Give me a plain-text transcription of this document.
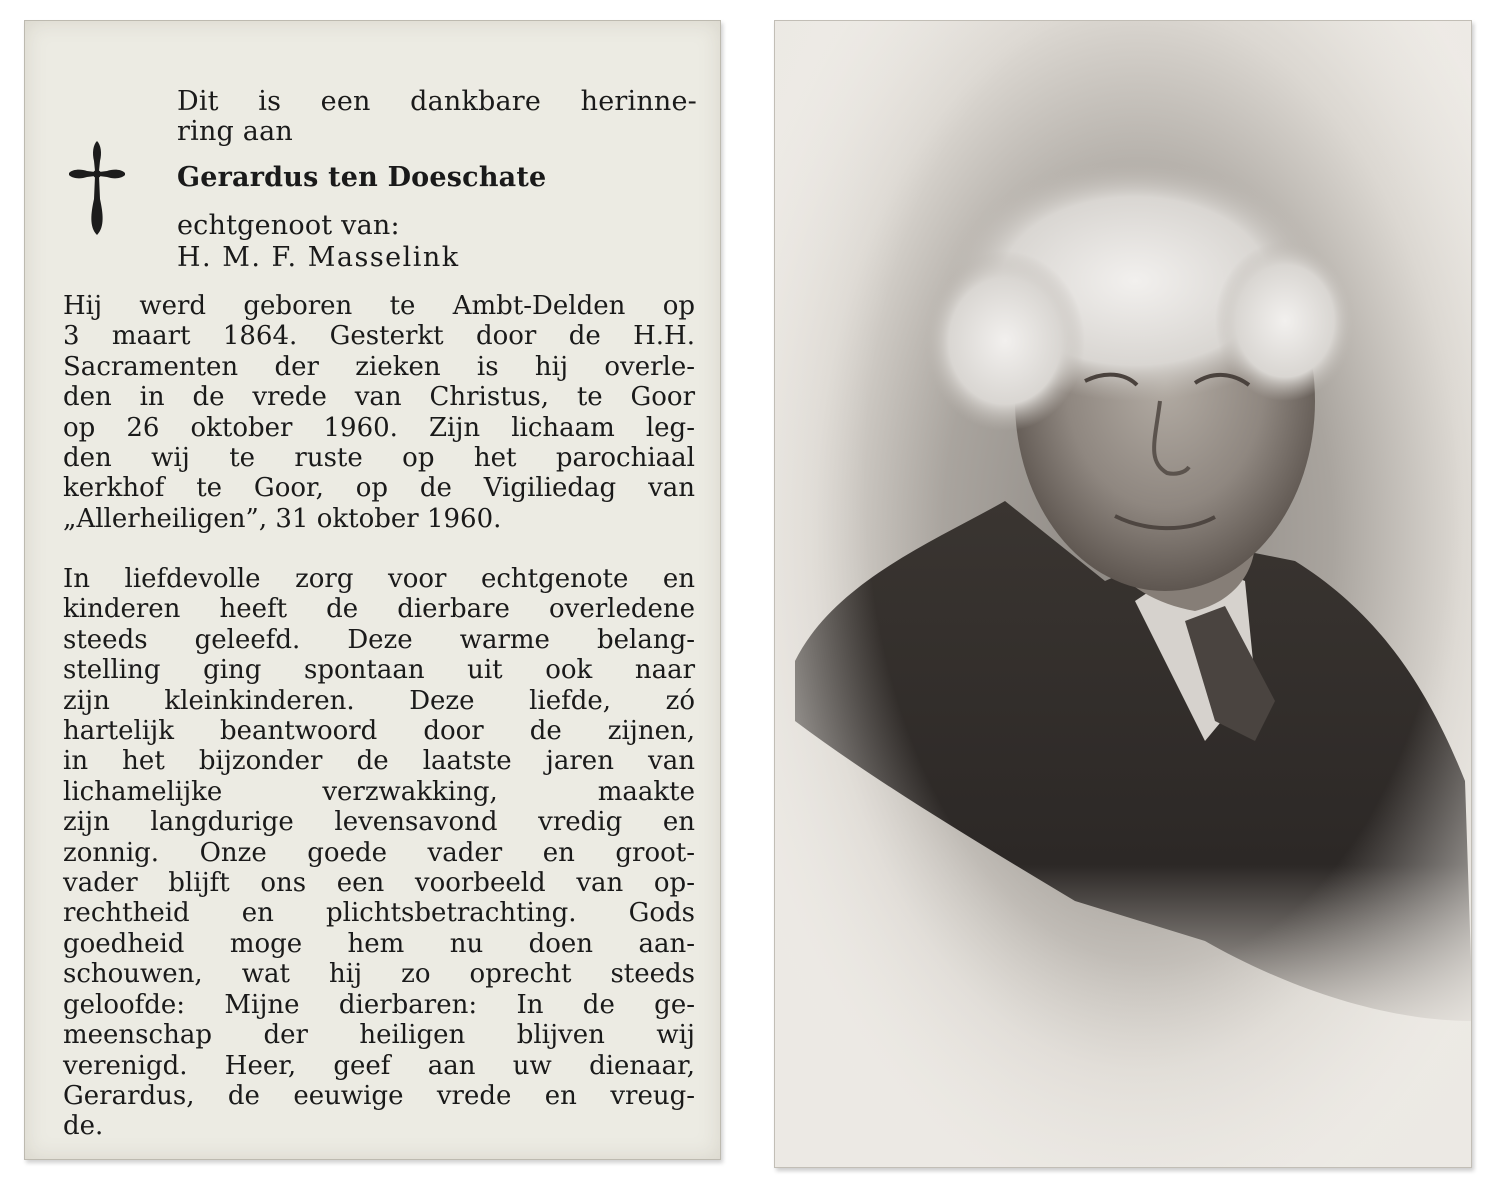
Dit is een dankbare herinne-
ring aan
Gerardus ten Doeschate
echtgenoot van:
H. M. F. Masselink
Hij werd geboren te Ambt-Delden op
3 maart 1864. Gesterkt door de H.H.
Sacramenten der zieken is hij overle-
den in de vrede van Christus, te Goor
op 26 oktober 1960. Zijn lichaam leg-
den wij te ruste op het parochiaal
kerkhof te Goor, op de Vigiliedag van
„Allerheiligen”, 31 oktober 1960.
In liefdevolle zorg voor echtgenote en
kinderen heeft de dierbare overledene
steeds geleefd. Deze warme belang-
stelling ging spontaan uit ook naar
zijn kleinkinderen. Deze liefde, zó
hartelijk beantwoord door de zijnen,
in het bijzonder de laatste jaren van
lichamelijke verzwakking, maakte
zijn langdurige levensavond vredig en
zonnig. Onze goede vader en groot-
vader blijft ons een voorbeeld van op-
rechtheid en plichtsbetrachting. Gods
goedheid moge hem nu doen aan-
schouwen, wat hij zo oprecht steeds
geloofde: Mijne dierbaren: In de ge-
meenschap der heiligen blijven wij
verenigd. Heer, geef aan uw dienaar,
Gerardus, de eeuwige vrede en vreug-
de.
